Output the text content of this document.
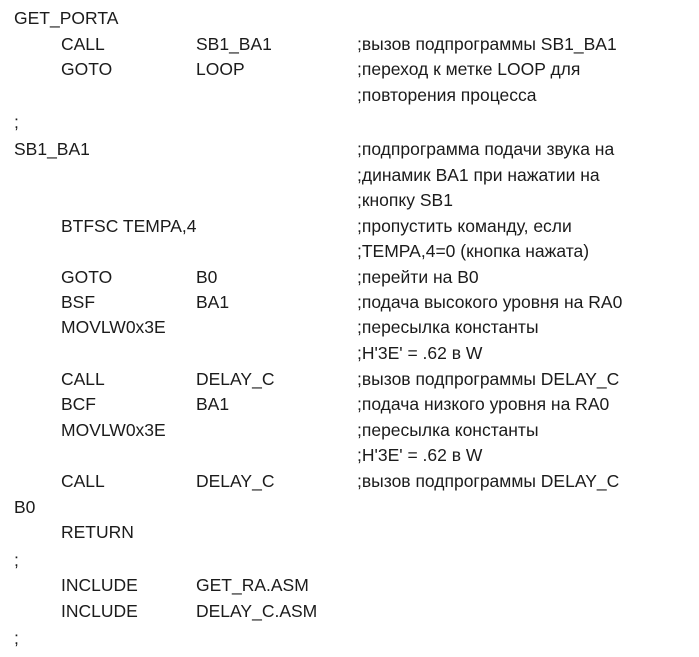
GET_PORTA
CALL	SB1_BA1	;вызов подпрограммы SB1_BA1
GOTO	LOOP	;переход к метке LOOP для
;повторения процесса
;
SB1_BA1	;подпрограмма подачи звука на
;динамик BA1 при нажатии на
;кнопку SB1
BTFSC TEMPA,4	;пропустить команду, если
;TEMPA,4=0 (кнопка нажата)
GOTO	B0	;перейти на B0
BSF	BA1	;подача высокого уровня на RA0
MOVLW0x3E	;пересылка константы
;H'3E' = .62 в W
CALL	DELAY_C	;вызов подпрограммы DELAY_C
BCF	BA1	;подача низкого уровня на RA0
MOVLW0x3E	;пересылка константы
;H'3E' = .62 в W
CALL	DELAY_C	;вызов подпрограммы DELAY_C
B0
RETURN
;
INCLUDE	GET_RA.ASM
INCLUDE	DELAY_C.ASM
;
